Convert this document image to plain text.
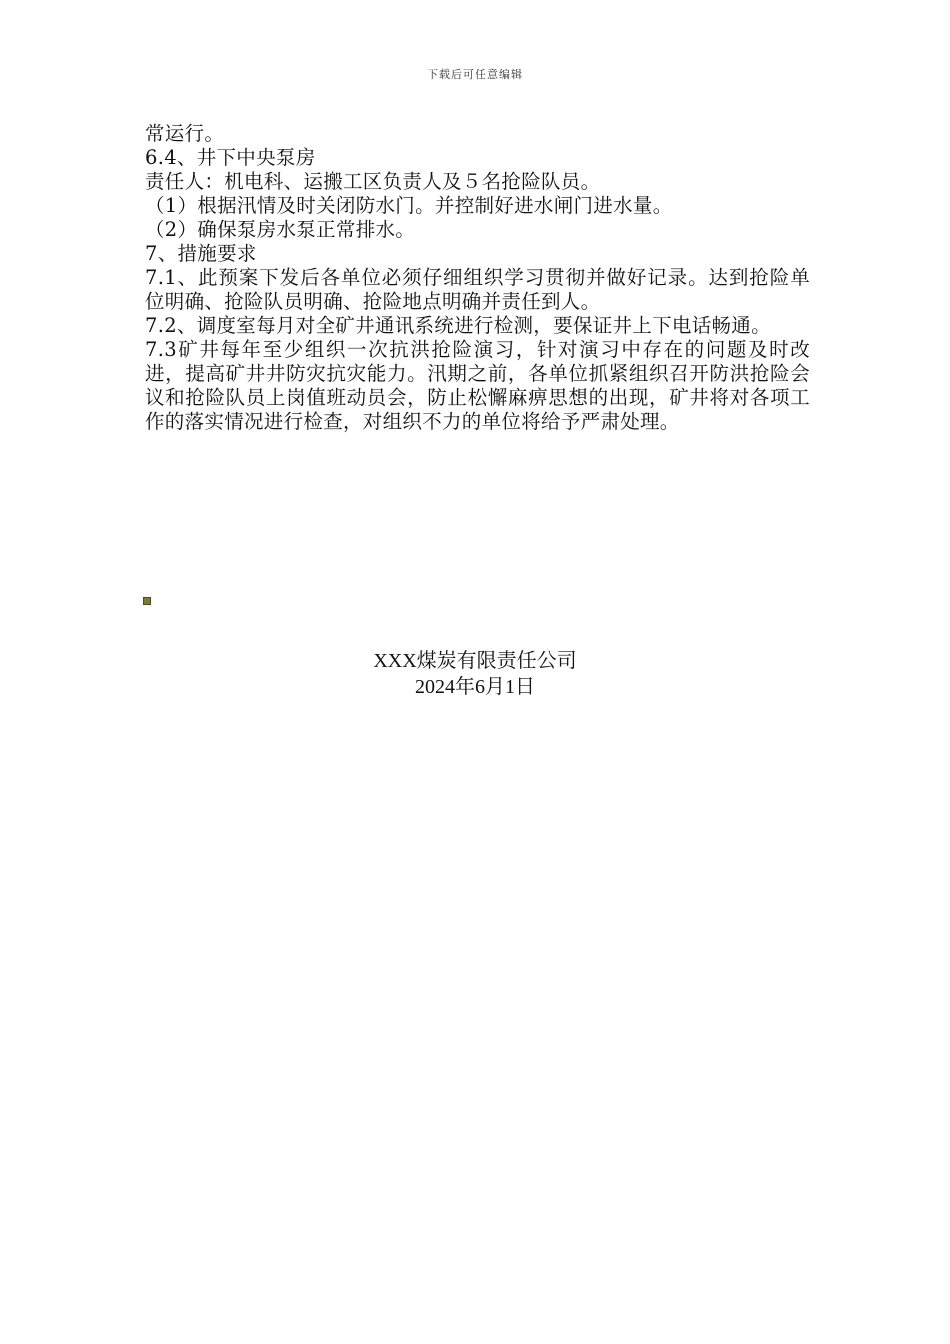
下载后可任意编辑

常运行。

6.4、井下中央泵房

责任人：机电科、运搬工区负责人及５名抢险队员。

（1）根据汛情及时关闭防水门。并控制好进水闸门进水量。

（2）确保泵房水泵正常排水。

7、措施要求

7.1、此预案下发后各单位必须仔细组织学习贯彻并做好记录。达到抢险单位明确、抢险队员明确、抢险地点明确并责任到人。

7.2、调度室每月对全矿井通讯系统进行检测，要保证井上下电话畅通。

7.3矿井每年至少组织一次抗洪抢险演习，针对演习中存在的问题及时改进，提高矿井井防灾抗灾能力。汛期之前，各单位抓紧组织召开防洪抢险会议和抢险队员上岗值班动员会，防止松懈麻痹思想的出现，矿井将对各项工作的落实情况进行检查，对组织不力的单位将给予严肃处理。

XXX煤炭有限责任公司
2024年6月1日
